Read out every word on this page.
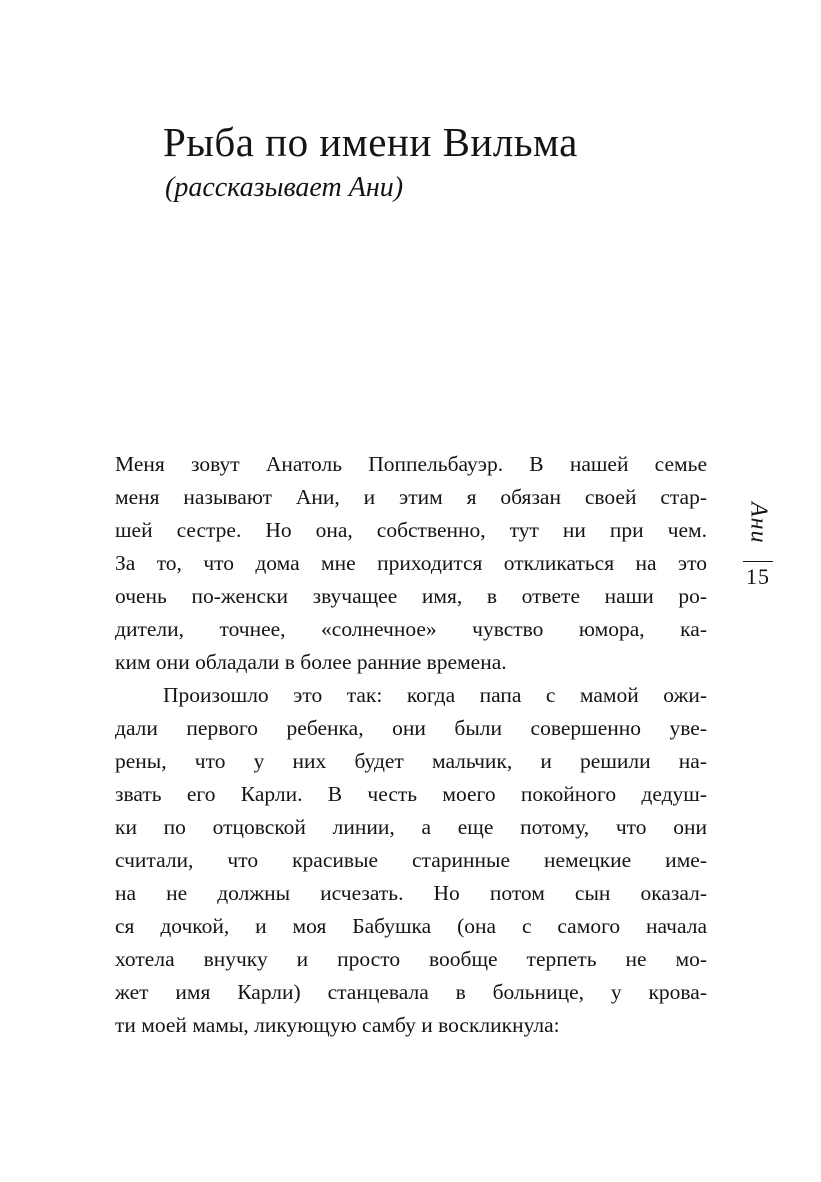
Рыба по имени Вильма
(рассказывает Ани)
Меня зовут Анатоль Поппельбауэр. В нашей семье
меня называют Ани, и этим я обязан своей стар-
шей сестре. Но она, собственно, тут ни при чем.
За то, что дома мне приходится откликаться на это
очень по-женски звучащее имя, в ответе наши ро-
дители, точнее, «солнечное» чувство юмора, ка-
ким они обладали в более ранние времена.
Произошло это так: когда папа с мамой ожи-
дали первого ребенка, они были совершенно уве-
рены, что у них будет мальчик, и решили на-
звать его Карли. В честь моего покойного дедуш-
ки по отцовской линии, а еще потому, что они
считали, что красивые старинные немецкие име-
на не должны исчезать. Но потом сын оказал-
ся дочкой, и моя Бабушка (она с самого начала
хотела внучку и просто вообще терпеть не мо-
жет имя Карли) станцевала в больнице, у крова-
ти моей мамы, ликующую самбу и воскликнула:
Ани
15
